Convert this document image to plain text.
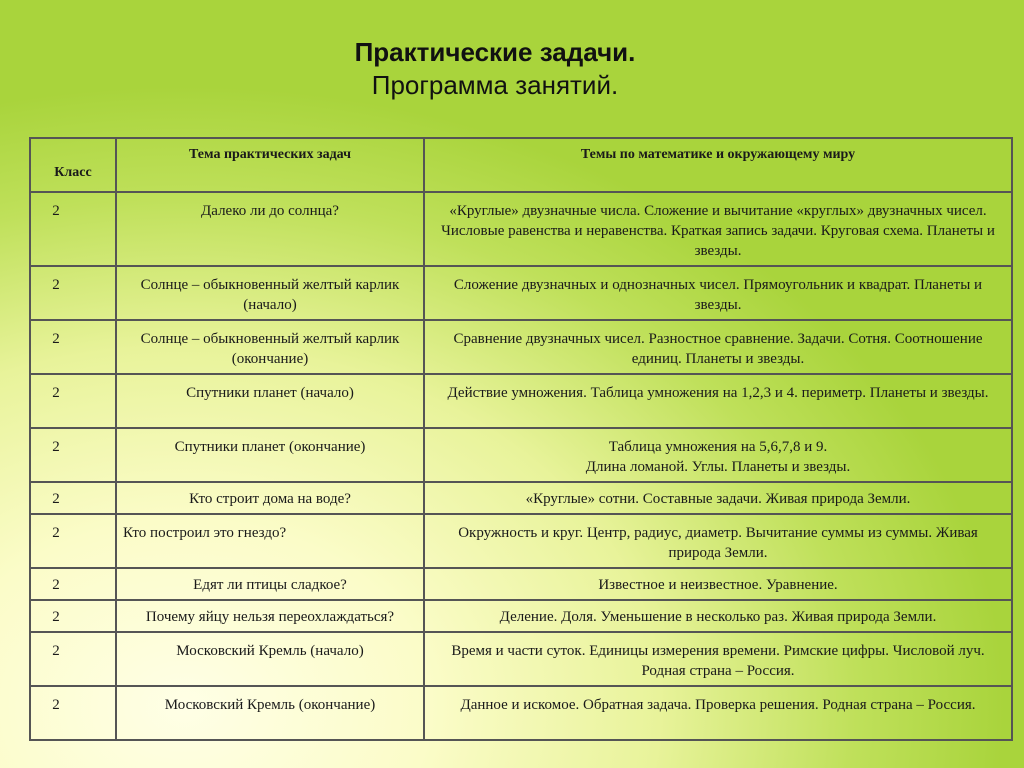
Практические задачи.
Программа занятий.
Класс	Тема практических задач	Темы по математике и окружающему миру
2	Далеко ли до солнца?	«Круглые» двузначные числа. Сложение и вычитание «круглых» двузначных чисел. Числовые равенства и неравенства. Краткая запись задачи. Круговая схема. Планеты и звезды.
2	Солнце – обыкновенный желтый карлик (начало)	Сложение двузначных и однозначных чисел. Прямоугольник и квадрат. Планеты и звезды.
2	Солнце – обыкновенный желтый карлик (окончание)	Сравнение двузначных чисел. Разностное сравнение. Задачи. Сотня. Соотношение единиц. Планеты и звезды.
2	Спутники планет (начало)	Действие умножения. Таблица умножения на 1,2,3 и 4. периметр. Планеты и звезды.
2	Спутники планет (окончание)	Таблица умножения на 5,6,7,8 и 9.
Длина ломаной. Углы. Планеты и звезды.

2	Кто строит дома на воде?	«Круглые» сотни. Составные задачи. Живая природа Земли.
2	Кто построил это гнездо?	Окружность и круг. Центр, радиус, диаметр. Вычитание суммы из суммы. Живая природа Земли.
2	Едят ли птицы сладкое?	Известное и неизвестное. Уравнение.
2	Почему яйцу нельзя переохлаждаться?	Деление. Доля. Уменьшение в несколько раз. Живая природа Земли.
2	Московский Кремль (начало)	Время и части суток. Единицы измерения времени. Римские цифры. Числовой луч. Родная страна – Россия.
2	Московский Кремль (окончание)	Данное и искомое. Обратная задача. Проверка решения. Родная страна – Россия.
